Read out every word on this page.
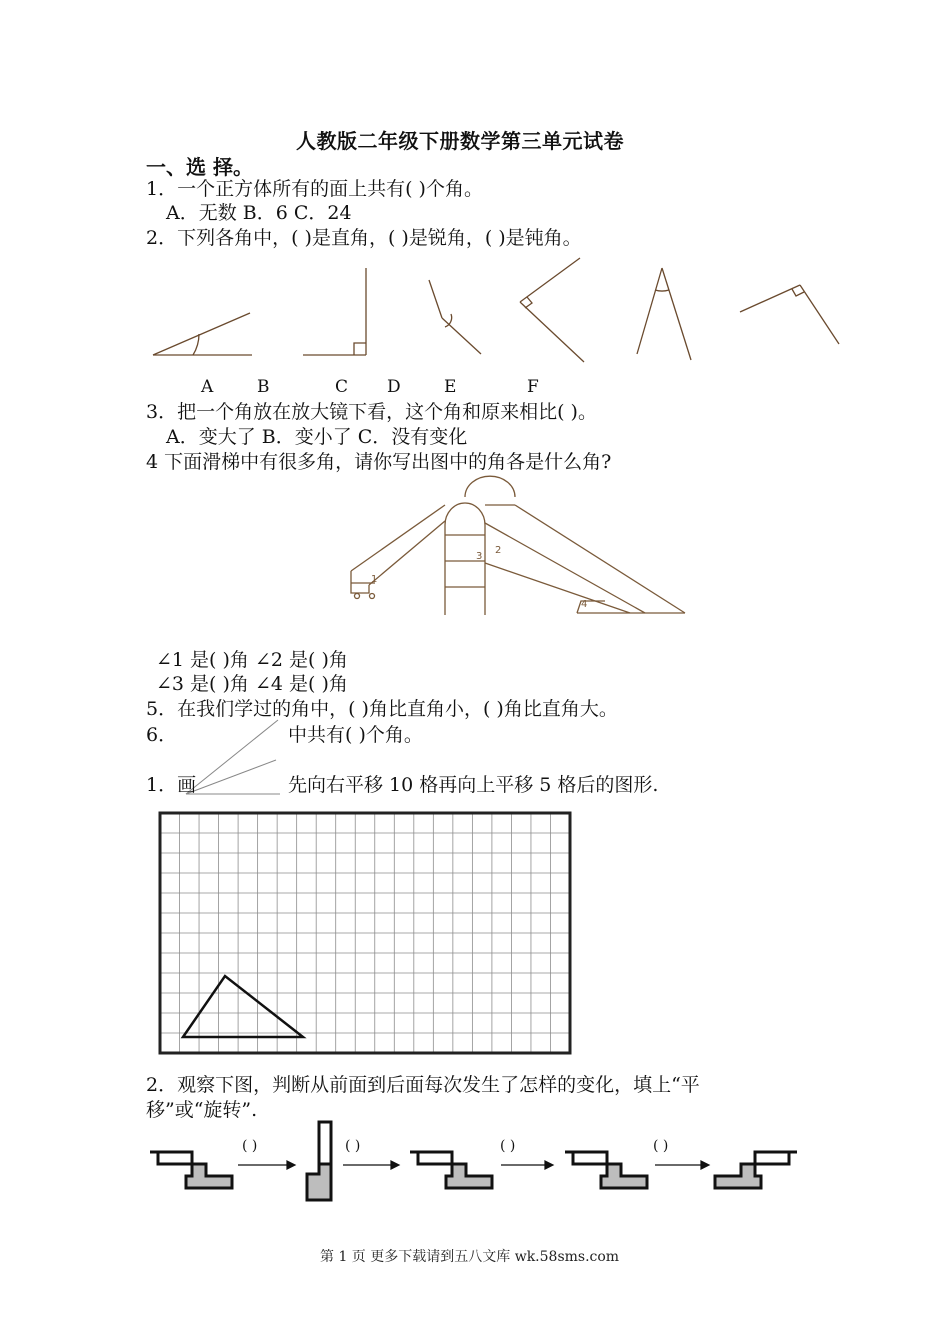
人教版二年级下册数学第三单元试卷
一、选 择。
1．一个正方体所有的面上共有( )个角。
A．无数 B．6 C．24
2．下列各角中，( )是直角，( )是锐角，( )是钝角。
A	B	C D	E	F
3．把一个角放在放大镜下看，这个角和原来相比( )。
A．变大了 B．变小了 C．没有变化
4 下面滑梯中有很多角，请你写出图中的角各是什么角?
1
2
3
4
∠1 是( )角 ∠2 是( )角
∠3 是( )角 ∠4 是( )角
5．在我们学过的角中，( )角比直角小，( )角比直角大。
6．	中共有( )个角。
1．画	先向右平移 10 格再向上平移 5 格后的图形.
2．观察下图，判断从前面到后面每次发生了怎样的变化，填上“平
移”或“旋转”.
( )	( )	( )	( )
第 1 页 更多下载请到五八文库 wk.58sms.com
